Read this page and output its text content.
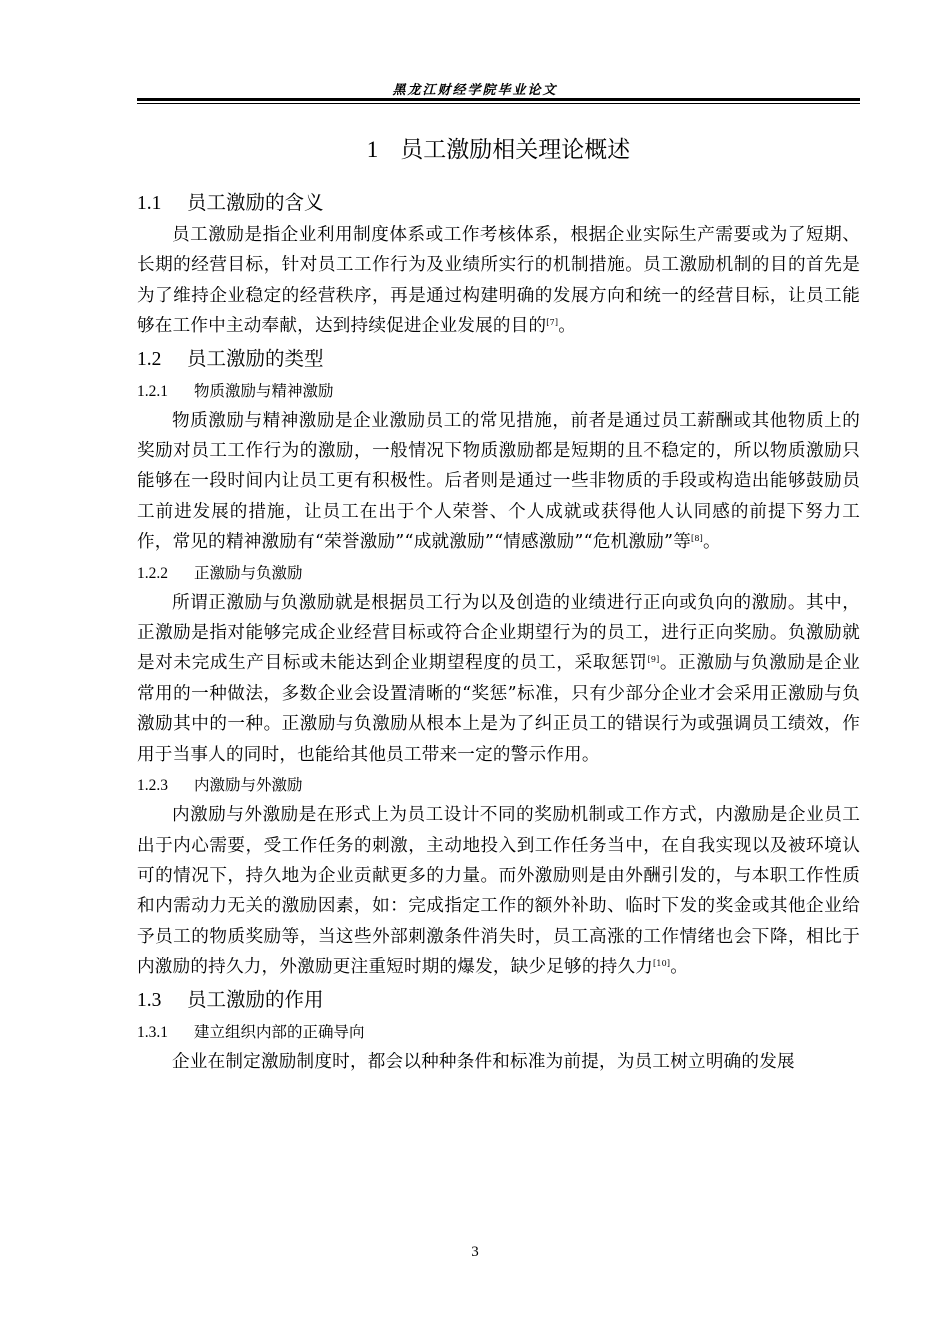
黑龙江财经学院毕业论文
1 员工激励相关理论概述
1.1 员工激励的含义

员工激励是指企业利用制度体系或工作考核体系，根据企业实际生产需要或为了短期、长期的经营目标，针对员工工作行为及业绩所实行的机制措施。员工激励机制的目的首先是为了维持企业稳定的经营秩序，再是通过构建明确的发展方向和统一的经营目标，让员工能够在工作中主动奉献，达到持续促进企业发展的目的[7]。

1.2 员工激励的类型
1.2.1 物质激励与精神激励

物质激励与精神激励是企业激励员工的常见措施，前者是通过员工薪酬或其他物质上的奖励对员工工作行为的激励，一般情况下物质激励都是短期的且不稳定的，所以物质激励只能够在一段时间内让员工更有积极性。后者则是通过一些非物质的手段或构造出能够鼓励员工前进发展的措施，让员工在出于个人荣誉、个人成就或获得他人认同感的前提下努力工作，常见的精神激励有“荣誉激励”“成就激励”“情感激励”“危机激励”等[8]。

1.2.2 正激励与负激励

所谓正激励与负激励就是根据员工行为以及创造的业绩进行正向或负向的激励。其中，正激励是指对能够完成企业经营目标或符合企业期望行为的员工，进行正向奖励。负激励就是对未完成生产目标或未能达到企业期望程度的员工，采取惩罚[9]。正激励与负激励是企业常用的一种做法，多数企业会设置清晰的“奖惩”标准，只有少部分企业才会采用正激励与负激励其中的一种。正激励与负激励从根本上是为了纠正员工的错误行为或强调员工绩效，作用于当事人的同时，也能给其他员工带来一定的警示作用。

1.2.3 内激励与外激励

内激励与外激励是在形式上为员工设计不同的奖励机制或工作方式，内激励是企业员工出于内心需要，受工作任务的刺激，主动地投入到工作任务当中，在自我实现以及被环境认可的情况下，持久地为企业贡献更多的力量。而外激励则是由外酬引发的，与本职工作性质和内需动力无关的激励因素，如：完成指定工作的额外补助、临时下发的奖金或其他企业给予员工的物质奖励等，当这些外部刺激条件消失时，员工高涨的工作情绪也会下降，相比于内激励的持久力，外激励更注重短时期的爆发，缺少足够的持久力[10]。

1.3 员工激励的作用
1.3.1 建立组织内部的正确导向

企业在制定激励制度时，都会以种种条件和标准为前提，为员工树立明确的发展

3
